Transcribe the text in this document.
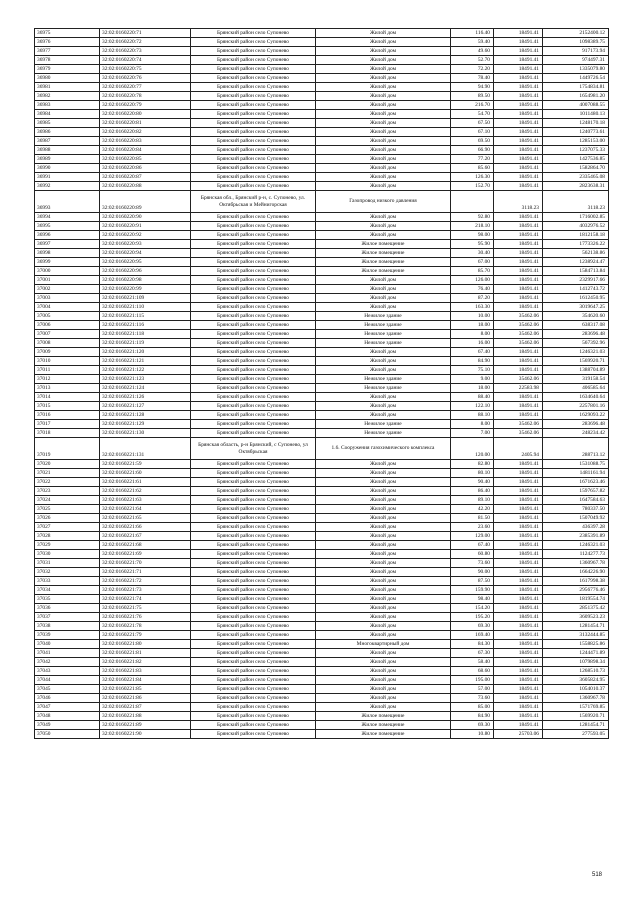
36975	32:02:0160220:71	Брянский район село Супонево	Жилой дом	116.40	18491.41	2152400.12
36976	32:02:0160220:72	Брянский район село Супонево	Жилой дом	59.40	18491.41	1098389.75
36977	32:02:0160220:73	Брянский район село Супонево	Жилой дом	49.60	18491.41	917173.94
36978	32:02:0160220:74	Брянский район село Супонево	Жилой дом	52.70	18491.41	974497.31
36979	32:02:0160220:75	Брянский район село Супонево	Жилой дом	72.20	18491.41	1335079.80
36980	32:02:0160220:76	Брянский район село Супонево	Жилой дом	78.40	18491.41	1449726.54
36981	32:02:0160220:77	Брянский район село Супонево	Жилой дом	94.90	18491.41	1754834.81
36982	32:02:0160220:78	Брянский район село Супонево	Жилой дом	89.50	18491.41	1654981.20
36983	32:02:0160220:79	Брянский район село Супонево	Жилой дом	216.70	18491.41	4007088.55
36984	32:02:0160220:80	Брянский район село Супонево	Жилой дом	54.70	18491.41	1011480.13
36985	32:02:0160220:81	Брянский район село Супонево	Жилой дом	67.50	18491.41	1248170.18
36986	32:02:0160220:82	Брянский район село Супонево	Жилой дом	67.10	18491.41	1240773.61
36987	32:02:0160220:83	Брянский район село Супонево	Жилой дом	69.50	18491.41	1285153.00
36988	32:02:0160220:84	Брянский район село Супонево	Жилой дом	66.90	18491.41	1237075.33
36989	32:02:0160220:85	Брянский район село Супонево	Жилой дом	77.20	18491.41	1427536.85
36990	32:02:0160220:86	Брянский район село Супонево	Жилой дом	85.60	18491.41	1582864.70
36991	32:02:0160220:87	Брянский район село Супонево	Жилой дом	126.30	18491.41	2335465.08
36992	32:02:0160220:88	Брянский район село Супонево	Жилой дом	152.70	18491.41	2823638.31
36993	32:02:0160220:89	Брянская обл., Брянский р-н, с. Супонево, ул. Октябрьская и Мейнигорская	Газопровод низкого давления		3118.23	3118.23
36994	32:02:0160220:90	Брянский район село Супонево	Жилой дом	92.80	18491.41	1716002.85
36995	32:02:0160220:91	Брянский район село Супонево	Жилой дом	218.10	18491.41	4032976.52
36996	32:02:0160220:92	Брянский район село Супонево	Жилой дом	98.00	18491.41	1812158.18
36997	32:02:0160220:93	Брянский район село Супонево	Жилое помещение	95.90	18491.41	1773326.22
36998	32:02:0160220:94	Брянский район село Супонево	Жилое помещение	30.40	18491.41	562138.86
36999	32:02:0160220:95	Брянский район село Супонево	Жилое помещение	67.00	18491.41	1238924.47
37000	32:02:0160220:96	Брянский район село Супонево	Жилое помещение	85.70	18491.41	1584713.84
37001	32:02:0160220:98	Брянский район село Супонево	Жилой дом	126.00	18491.41	2329917.66
37002	32:02:0160220:99	Брянский район село Супонево	Жилой дом	76.40	18491.41	1412743.72
37003	32:02:0160221:109	Брянский район село Супонево	Жилой дом	87.20	18491.41	1612450.95
37004	32:02:0160221:110	Брянский район село Супонево	Жилой дом	163.30	18491.41	3019647.25
37005	32:02:0160221:115	Брянский район село Супонево	Нежилое здание	10.00	35462.06	354620.60
37006	32:02:0160221:116	Брянский район село Супонево	Нежилое здание	18.00	35462.06	638317.08
37007	32:02:0160221:118	Брянский район село Супонево	Нежилое здание	8.00	35462.06	283696.48
37008	32:02:0160221:119	Брянский район село Супонево	Нежилое здание	16.00	35462.06	567392.96
37009	32:02:0160221:120	Брянский район село Супонево	Жилой дом	67.40	18491.41	1246321.03
37010	32:02:0160221:121	Брянский район село Супонево	Жилой дом	84.90	18491.41	1569920.71
37011	32:02:0160221:122	Брянский район село Супонево	Жилой дом	75.10	18491.41	1388704.89
37012	32:02:0160221:123	Брянский район село Супонево	Нежилое здание	9.00	35462.06	319158.54
37013	32:02:0160221:124	Брянский район село Супонево	Нежилое здание	18.00	22583.98	406585.64
37014	32:02:0160221:126	Брянский район село Супонево	Жилой дом	88.40	18491.41	1634640.64
37015	32:02:0160221:127	Брянский район село Супонево	Жилой дом	122.10	18491.41	2257801.16
37016	32:02:0160221:128	Брянский район село Супонево	Жилой дом	88.10	18491.41	1629093.22
37017	32:02:0160221:129	Брянский район село Супонево	Нежилое здание	8.00	35462.06	283696.48
37018	32:02:0160221:130	Брянский район село Супонево	Нежилое здание	7.00	35462.06	248234.42
37019	32:02:0160221:131	Брянская область, р-н Брянский, с Супонево, ул Октябрьская	1.6. Сооружения газохимического комплекса	120.00	2405.94	288713.12
37020	32:02:0160221:59	Брянский район село Супонево	Жилой дом	82.80	18491.41	1531088.75
37021	32:02:0160221:60	Брянский район село Супонево	Жилой дом	80.10	18491.41	1481161.94
37022	32:02:0160221:61	Брянский район село Супонево	Жилой дом	90.40	18491.41	1671623.46
37023	32:02:0160221:62	Брянский район село Супонево	Жилой дом	86.40	18491.41	1597657.82
37024	32:02:0160221:63	Брянский район село Супонево	Жилой дом	89.10	18491.41	1647584.63
37025	32:02:0160221:64	Брянский район село Супонево	Жилой дом	42.20	18491.41	780337.50
37026	32:02:0160221:65	Брянский район село Супонево	Жилой дом	81.50	18491.41	1507049.92
37027	32:02:0160221:66	Брянский район село Супонево	Жилой дом	23.60	18491.41	436397.28
37028	32:02:0160221:67	Брянский район село Супонево	Жилой дом	129.00	18491.41	2385391.89
37029	32:02:0160221:68	Брянский район село Супонево	Жилой дом	67.40	18491.41	1246321.03
37030	32:02:0160221:69	Брянский район село Супонево	Жилой дом	60.80	18491.41	1124277.73
37031	32:02:0160221:70	Брянский район село Супонево	Жилой дом	73.60	18491.41	1360967.78
37032	32:02:0160221:71	Брянский район село Супонево	Жилой дом	90.00	18491.41	1664226.90
37033	32:02:0160221:72	Брянский район село Супонево	Жилой дом	87.50	18491.41	1617998.38
37034	32:02:0160221:73	Брянский район село Супонево	Жилой дом	159.90	18491.41	2956776.46
37035	32:02:0160221:74	Брянский район село Супонево	Жилой дом	98.40	18491.41	1819554.74
37036	32:02:0160221:75	Брянский район село Супонево	Жилой дом	154.20	18491.41	2851375.42
37037	32:02:0160221:76	Брянский район село Супонево	Жилой дом	195.20	18491.41	3609523.23
37038	32:02:0160221:78	Брянский район село Супонево	Жилой дом	69.30	18491.41	1281454.71
37039	32:02:0160221:79	Брянский район село Супонево	Жилой дом	169.40	18491.41	3132444.85
37040	32:02:0160221:80	Брянский район село Супонево	Многоквартирный дом	84.30	18491.41	1558825.86
37041	32:02:0160221:81	Брянский район село Супонево	Жилой дом	67.30	18491.41	1244471.89
37042	32:02:0160221:82	Брянский район село Супонево	Жилой дом	58.40	18491.41	1079898.34
37043	32:02:0160221:83	Брянский район село Супонево	Жилой дом	68.60	18491.41	1268510.73
37044	32:02:0160221:84	Брянский район село Супонево	Жилой дом	195.00	18491.41	3605824.95
37045	32:02:0160221:85	Брянский район село Супонево	Жилой дом	57.00	18491.41	1054010.37
37046	32:02:0160221:86	Брянский район село Супонево	Жилой дом	73.60	18491.41	1360967.78
37047	32:02:0160221:87	Брянский район село Супонево	Жилой дом	85.00	18491.41	1571769.85
37048	32:02:0160221:88	Брянский район село Супонево	Жилое помещение	84.90	18491.41	1569920.71
37049	32:02:0160221:89	Брянский район село Супонево	Жилое помещение	69.30	18491.41	1281454.71
37050	32:02:0160221:90	Брянский район село Супонево	Жилое помещение	10.80	25703.06	277593.05
518
